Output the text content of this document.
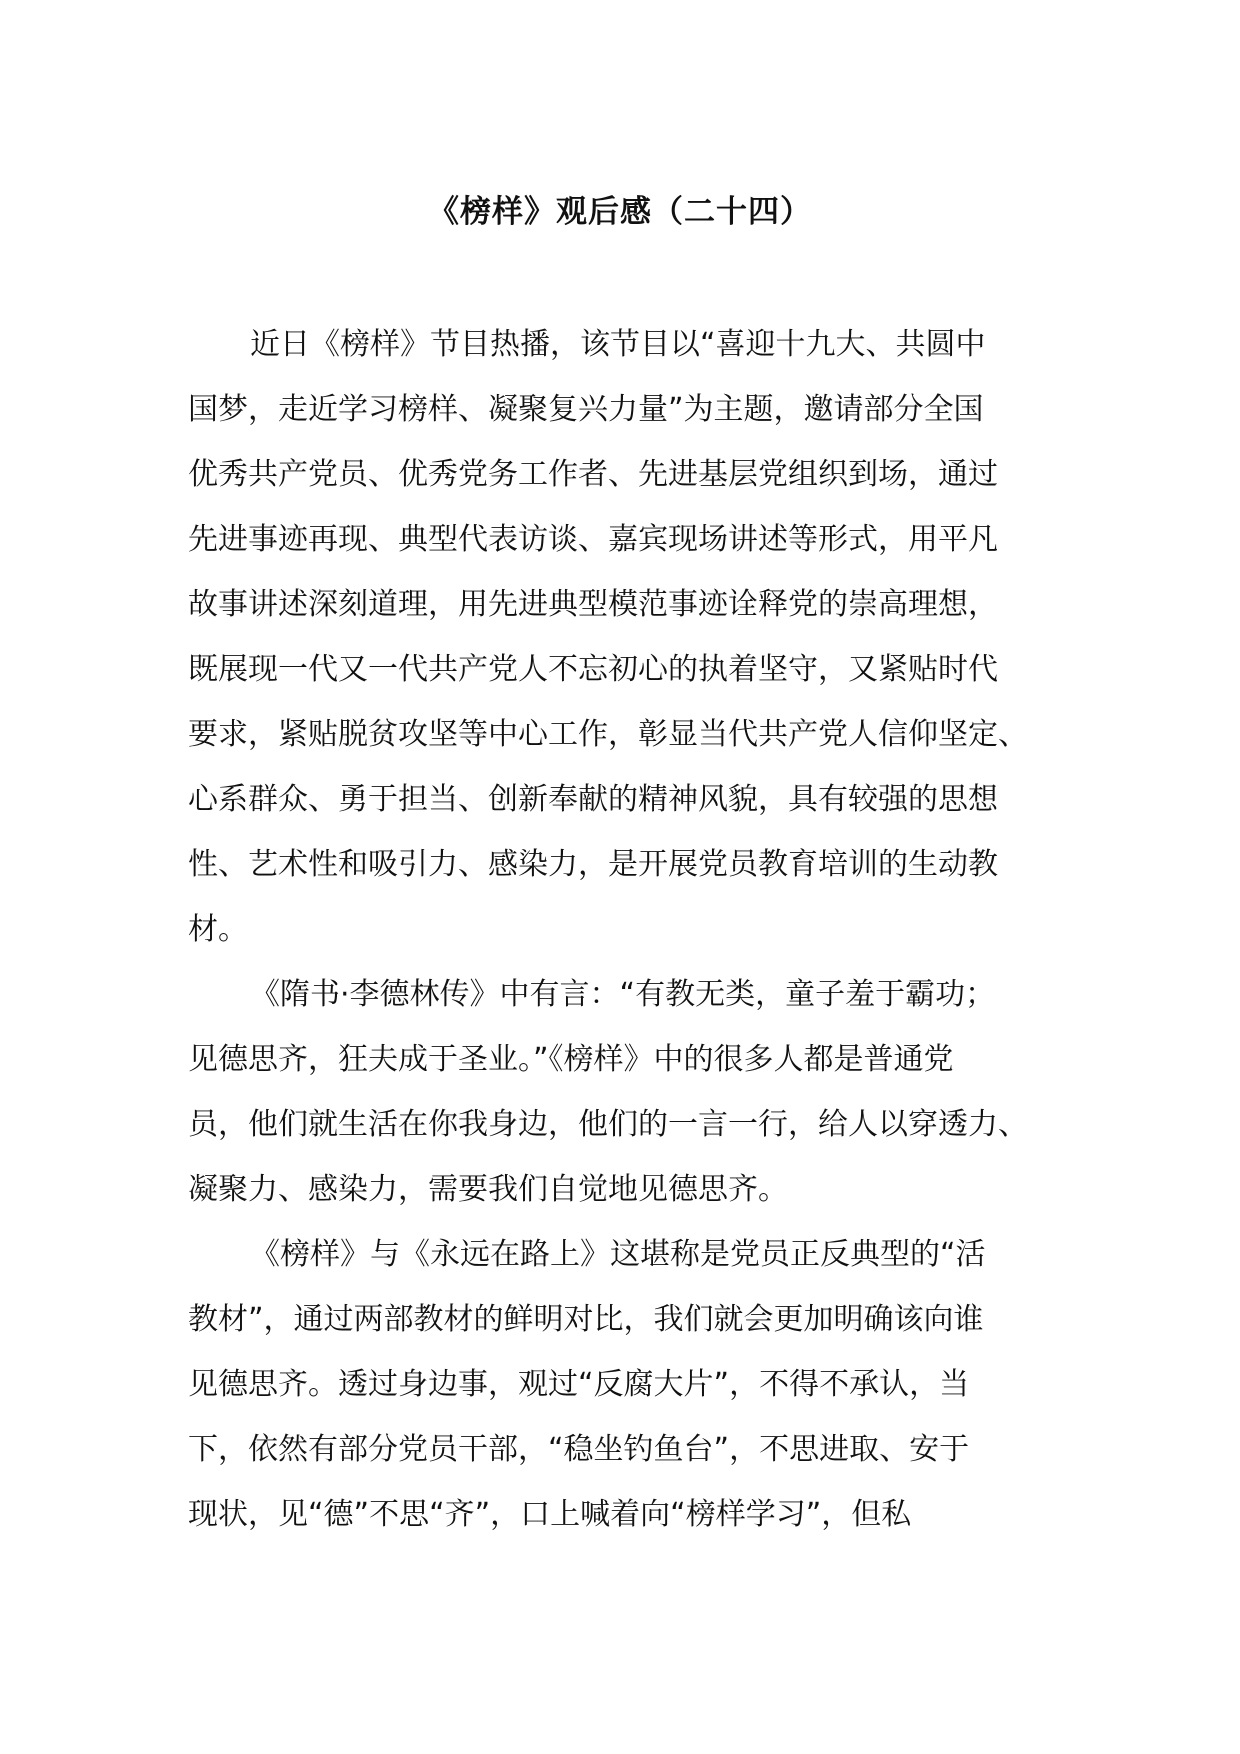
《榜样》观后感（二十四）
近日《榜样》节目热播，该节目以“喜迎十九大、共圆中
国梦，走近学习榜样、凝聚复兴力量”为主题，邀请部分全国
优秀共产党员、优秀党务工作者、先进基层党组织到场，通过
先进事迹再现、典型代表访谈、嘉宾现场讲述等形式，用平凡
故事讲述深刻道理，用先进典型模范事迹诠释党的崇高理想，
既展现一代又一代共产党人不忘初心的执着坚守，又紧贴时代
要求，紧贴脱贫攻坚等中心工作，彰显当代共产党人信仰坚定、
心系群众、勇于担当、创新奉献的精神风貌，具有较强的思想
性、艺术性和吸引力、感染力，是开展党员教育培训的生动教
材。
《隋书·李德林传》中有言：“有教无类，童子羞于霸功；
见德思齐，狂夫成于圣业。”《榜样》中的很多人都是普通党
员，他们就生活在你我身边，他们的一言一行，给人以穿透力、
凝聚力、感染力，需要我们自觉地见德思齐。
《榜样》与《永远在路上》这堪称是党员正反典型的“活
教材”，通过两部教材的鲜明对比，我们就会更加明确该向谁
见德思齐。透过身边事，观过“反腐大片”，不得不承认，当
下，依然有部分党员干部，“稳坐钓鱼台”，不思进取、安于
现状，见“德”不思“齐”，口上喊着向“榜样学习”，但私
